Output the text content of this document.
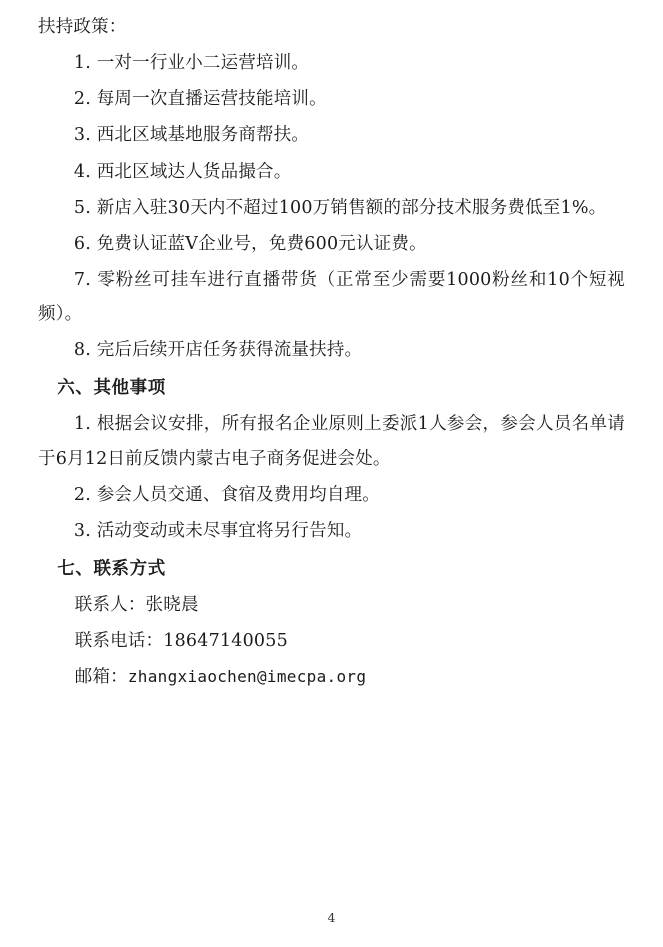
扶持政策：

1. 一对一行业小二运营培训。

2. 每周一次直播运营技能培训。

3. 西北区域基地服务商帮扶。

4. 西北区域达人货品撮合。

5. 新店入驻30天内不超过100万销售额的部分技术服务费低至1%。

6. 免费认证蓝V企业号，免费600元认证费。

7. 零粉丝可挂车进行直播带货（正常至少需要1000粉丝和10个短视频）。

8. 完后后续开店任务获得流量扶持。

六、其他事项

1. 根据会议安排，所有报名企业原则上委派1人参会，参会人员名单请于6月12日前反馈内蒙古电子商务促进会处。

2. 参会人员交通、食宿及费用均自理。

3. 活动变动或未尽事宜将另行告知。

七、联系方式

联系人：张晓晨

联系电话：18647140055

邮箱：zhangxiaochen@imecpa.org

4
